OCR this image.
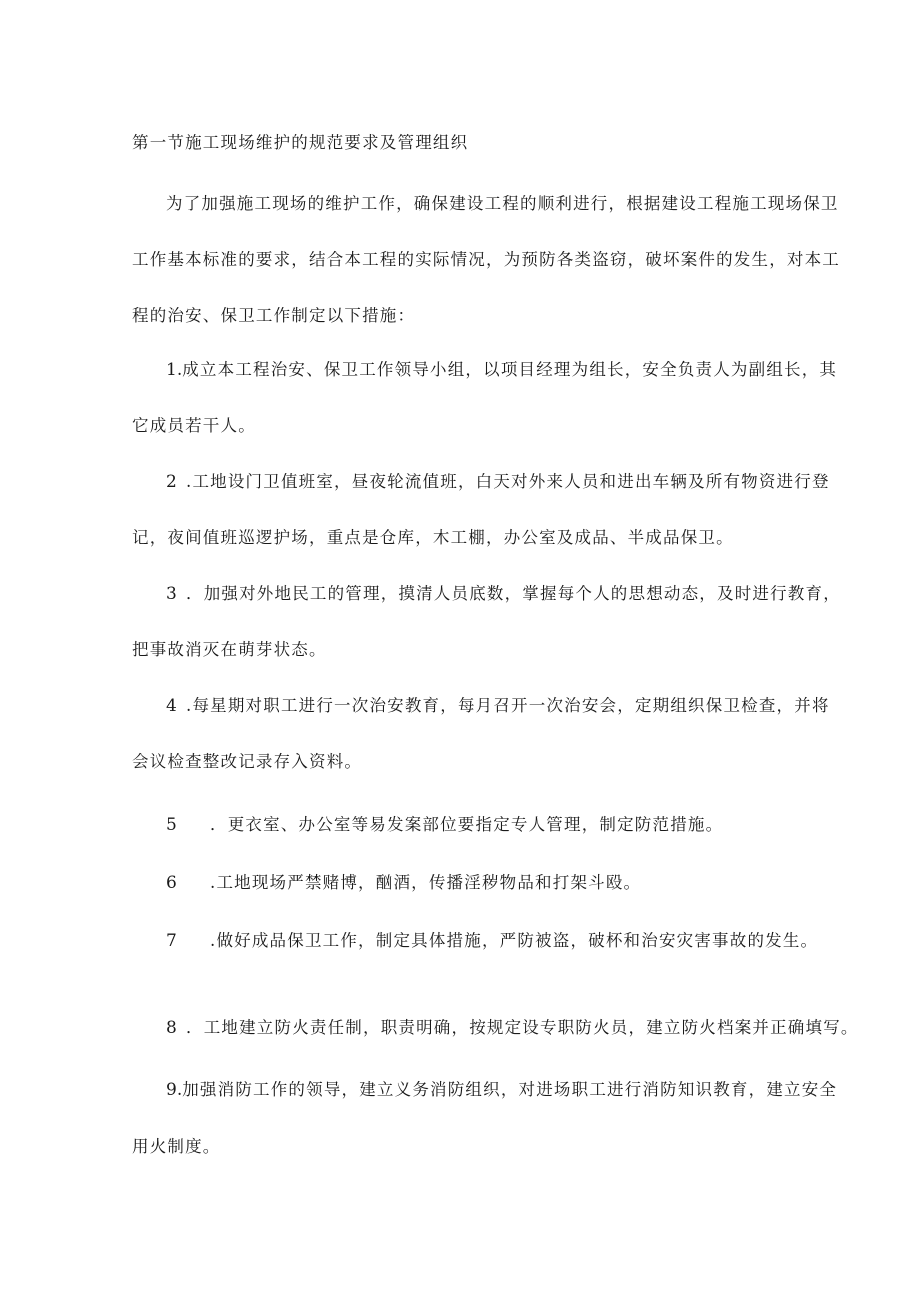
第一节施工现场维护的规范要求及管理组织
为了加强施工现场的维护工作，确保建设工程的顺利进行，根据建设工程施工现场保卫
工作基本标准的要求，结合本工程的实际情况，为预防各类盗窃，破坏案件的发生，对本工
程的治安、保卫工作制定以下措施：
1.成立本工程治安、保卫工作领导小组，以项目经理为组长，安全负责人为副组长，其
它成员若干人。
2 .工地设门卫值班室，昼夜轮流值班，白天对外来人员和进出车辆及所有物资进行登
记，夜间值班巡逻护场，重点是仓库，木工棚，办公室及成品、半成品保卫。
3 ．加强对外地民工的管理，摸清人员底数，掌握每个人的思想动态，及时进行教育，
把事故消灭在萌芽状态。
4 .每星期对职工进行一次治安教育，每月召开一次治安会，定期组织保卫检查，并将
会议检查整改记录存入资料。
5 ．更衣室、办公室等易发案部位要指定专人管理，制定防范措施。
6 .工地现场严禁赌博，酗酒，传播淫秽物品和打架斗殴。
7 .做好成品保卫工作，制定具体措施，严防被盗，破杯和治安灾害事故的发生。
8 ．工地建立防火责任制，职责明确，按规定设专职防火员，建立防火档案并正确填写。
9.加强消防工作的领导，建立义务消防组织，对进场职工进行消防知识教育，建立安全
用火制度。
